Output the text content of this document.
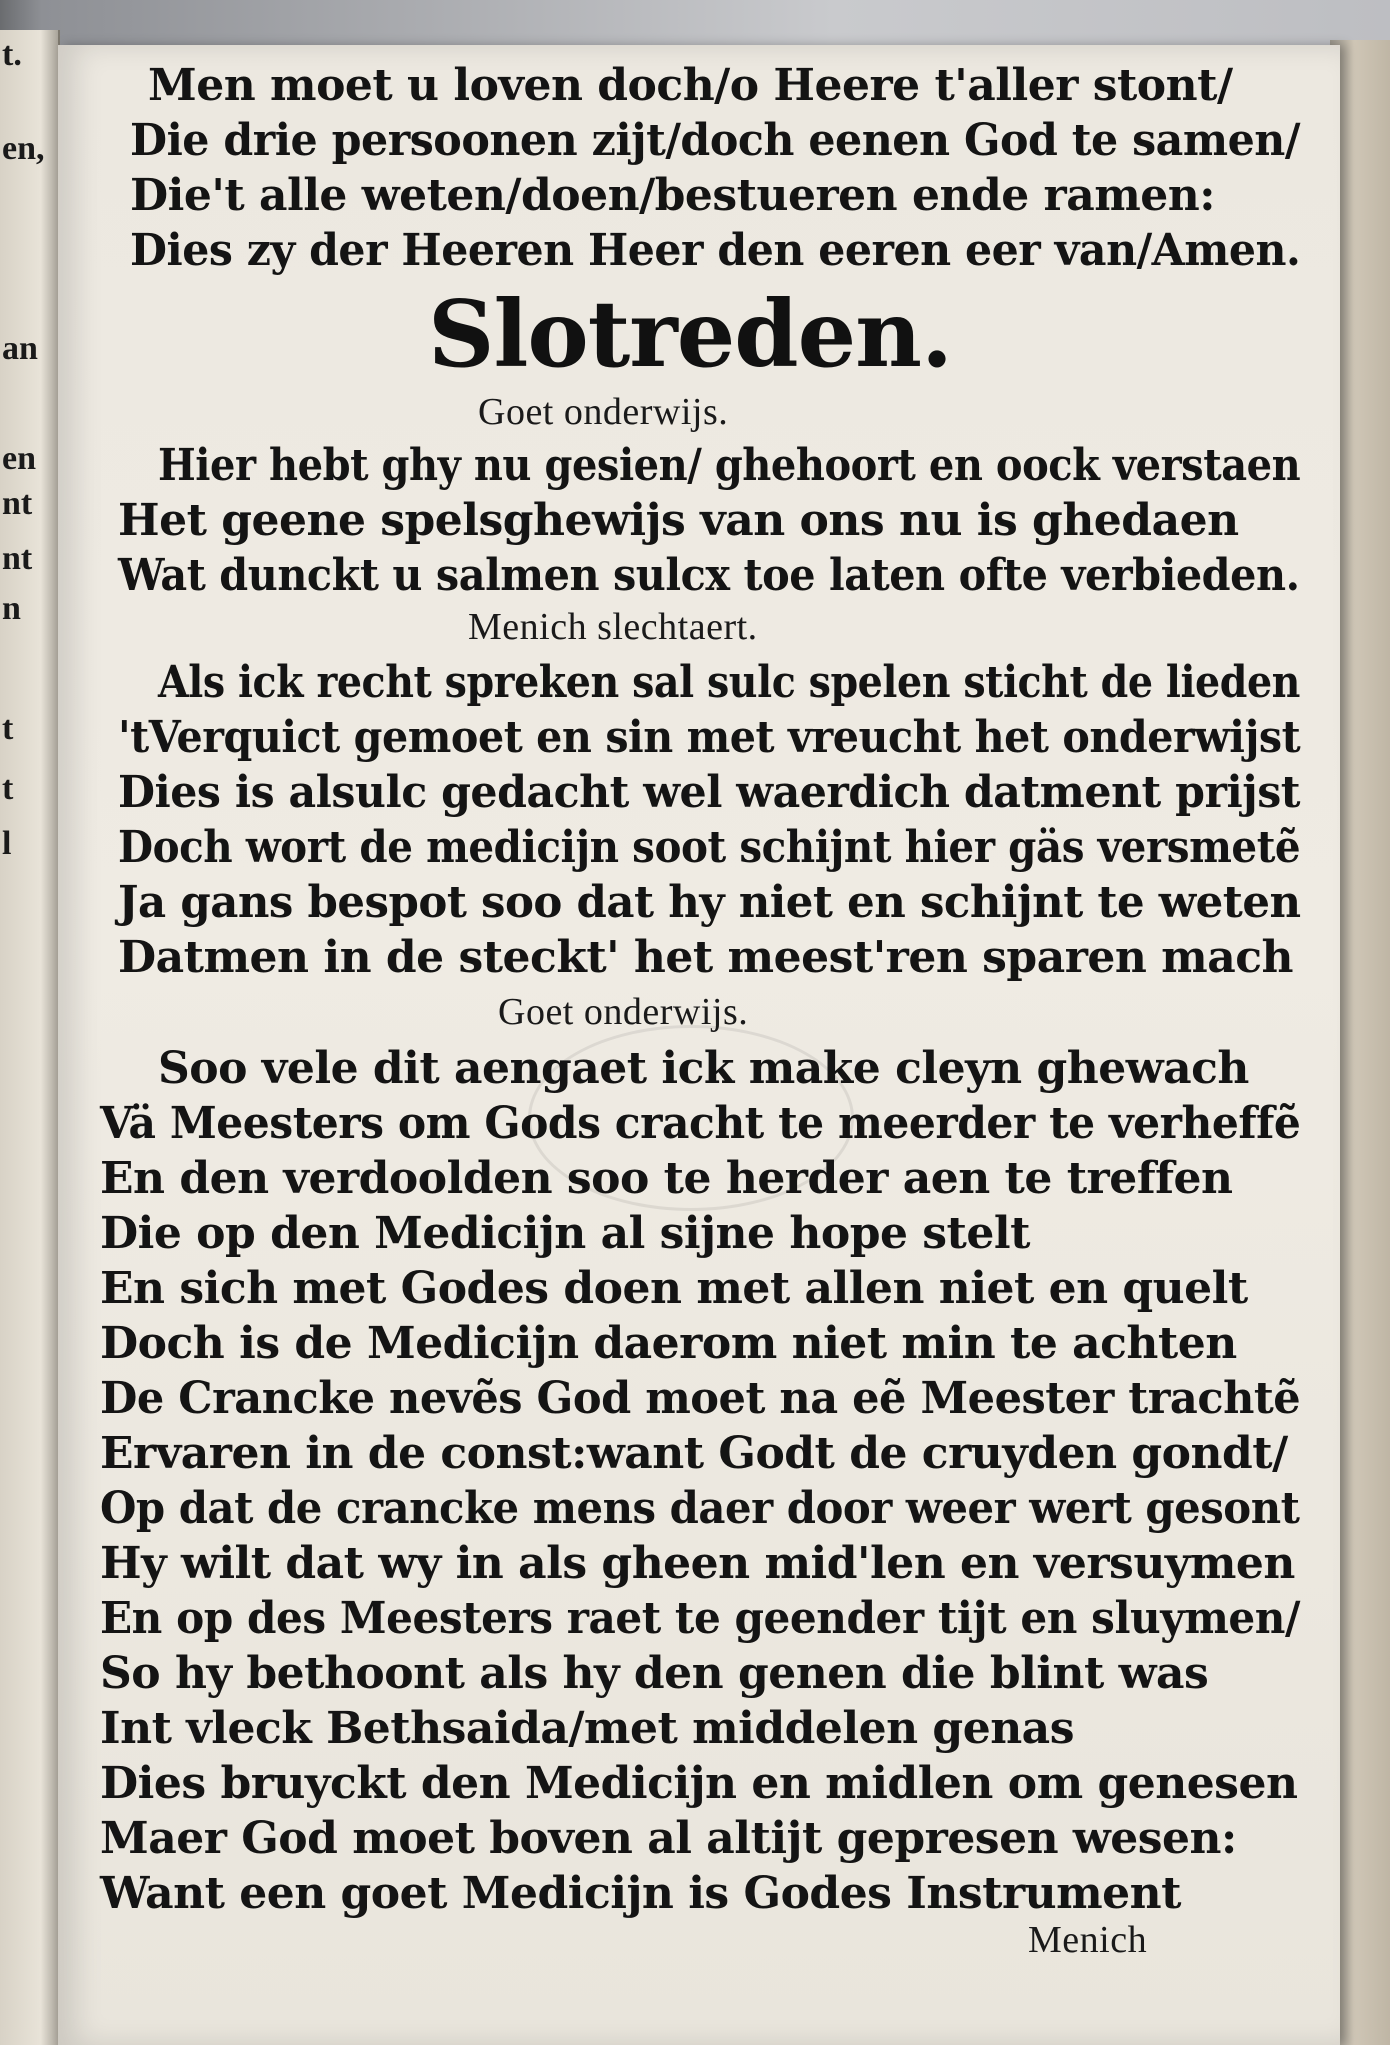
t.
en,
an
en
nt
nt
n
t
t
l
Men moet u loven doch/o Heere t'aller stont/
Die drie persoonen zijt/doch eenen God te samen/
Die't alle weten/doen/bestueren ende ramen:
Dies zy der Heeren Heer den eeren eer van/Amen.
Slotreden.
Goet onderwijs.
Hier hebt ghy nu gesien/ ghehoort en oock verstaen
Het geene spelsghewijs van ons nu is ghedaen
Wat dunckt u salmen sulcx toe laten ofte verbieden.
Menich slechtaert.
Als ick recht spreken sal sulc spelen sticht de lieden
'tVerquict gemoet en sin met vreucht het onderwijst
Dies is alsulc gedacht wel waerdich datment prijst
Doch wort de medicijn soot schijnt hier gäs versmetẽ
Ja gans bespot soo dat hy niet en schijnt te weten
Datmen in de steckt' het meest'ren sparen mach
Goet onderwijs.
Soo vele dit aengaet ick make cleyn ghewach
Vä Meesters om Gods cracht te meerder te verheffẽ
En den verdoolden soo te herder aen te treffen
Die op den Medicijn al sijne hope stelt
En sich met Godes doen met allen niet en quelt
Doch is de Medicijn daerom niet min te achten
De Crancke nevẽs God moet na eẽ Meester trachtẽ
Ervaren in de const:want Godt de cruyden gondt/
Op dat de crancke mens daer door weer wert gesont
Hy wilt dat wy in als gheen mid'len en versuymen
En op des Meesters raet te geender tijt en sluymen/
So hy bethoont als hy den genen die blint was
Int vleck Bethsaida/met middelen genas
Dies bruyckt den Medicijn en midlen om genesen
Maer God moet boven al altijt gepresen wesen:
Want een goet Medicijn is Godes Instrument
Menich
